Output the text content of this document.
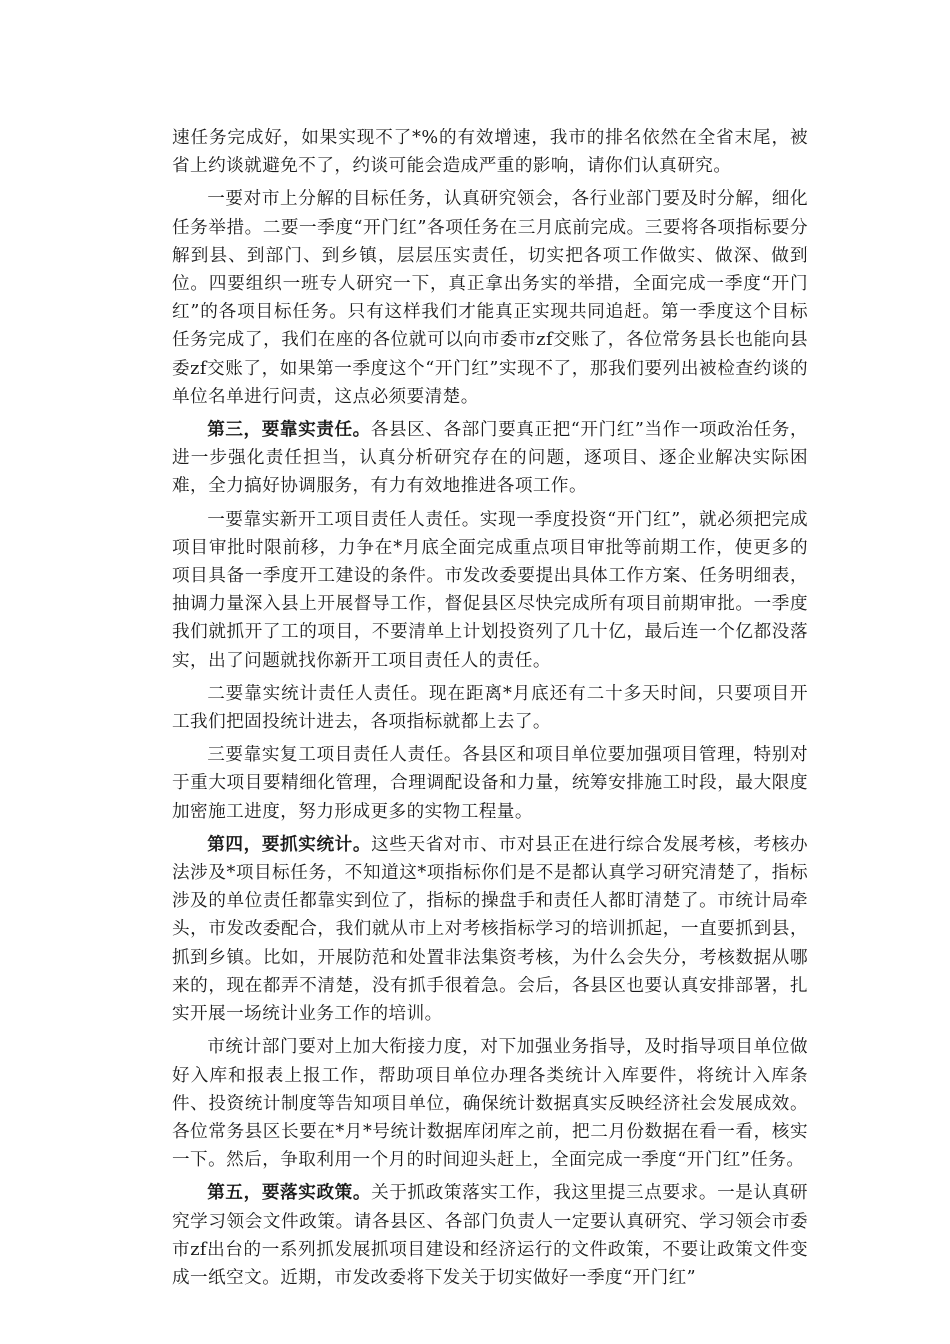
速任务完成好，如果实现不了*%的有效增速，我市的排名依然在全省末尾，被省上约谈就避免不了，约谈可能会造成严重的影响，请你们认真研究。

一要对市上分解的目标任务，认真研究领会，各行业部门要及时分解，细化任务举措。二要一季度“开门红”各项任务在三月底前完成。三要将各项指标要分解到县、到部门、到乡镇，层层压实责任，切实把各项工作做实、做深、做到位。四要组织一班专人研究一下，真正拿出务实的举措，全面完成一季度“开门红”的各项目标任务。只有这样我们才能真正实现共同追赶。第一季度这个目标任务完成了，我们在座的各位就可以向市委市zf交账了，各位常务县长也能向县委zf交账了，如果第一季度这个“开门红”实现不了，那我们要列出被检查约谈的单位名单进行问责，这点必须要清楚。

第三，要靠实责任。各县区、各部门要真正把“开门红”当作一项政治任务，进一步强化责任担当，认真分析研究存在的问题，逐项目、逐企业解决实际困难，全力搞好协调服务，有力有效地推进各项工作。

一要靠实新开工项目责任人责任。实现一季度投资“开门红”，就必须把完成项目审批时限前移，力争在*月底全面完成重点项目审批等前期工作，使更多的项目具备一季度开工建设的条件。市发改委要提出具体工作方案、任务明细表，抽调力量深入县上开展督导工作，督促县区尽快完成所有项目前期审批。一季度我们就抓开了工的项目，不要清单上计划投资列了几十亿，最后连一个亿都没落实，出了问题就找你新开工项目责任人的责任。

二要靠实统计责任人责任。现在距离*月底还有二十多天时间，只要项目开工我们把固投统计进去，各项指标就都上去了。

三要靠实复工项目责任人责任。各县区和项目单位要加强项目管理，特别对于重大项目要精细化管理，合理调配设备和力量，统筹安排施工时段，最大限度加密施工进度，努力形成更多的实物工程量。

第四，要抓实统计。这些天省对市、市对县正在进行综合发展考核，考核办法涉及*项目标任务，不知道这*项指标你们是不是都认真学习研究清楚了，指标涉及的单位责任都靠实到位了，指标的操盘手和责任人都盯清楚了。市统计局牵头，市发改委配合，我们就从市上对考核指标学习的培训抓起，一直要抓到县，抓到乡镇。比如，开展防范和处置非法集资考核，为什么会失分，考核数据从哪来的，现在都弄不清楚，没有抓手很着急。会后，各县区也要认真安排部署，扎实开展一场统计业务工作的培训。

市统计部门要对上加大衔接力度，对下加强业务指导，及时指导项目单位做好入库和报表上报工作，帮助项目单位办理各类统计入库要件，将统计入库条件、投资统计制度等告知项目单位，确保统计数据真实反映经济社会发展成效。各位常务县区长要在*月*号统计数据库闭库之前，把二月份数据在看一看，核实一下。然后，争取利用一个月的时间迎头赶上，全面完成一季度“开门红”任务。

第五，要落实政策。关于抓政策落实工作，我这里提三点要求。一是认真研究学习领会文件政策。请各县区、各部门负责人一定要认真研究、学习领会市委市zf出台的一系列抓发展抓项目建设和经济运行的文件政策，不要让政策文件变成一纸空文。近期，市发改委将下发关于切实做好一季度“开门红”
